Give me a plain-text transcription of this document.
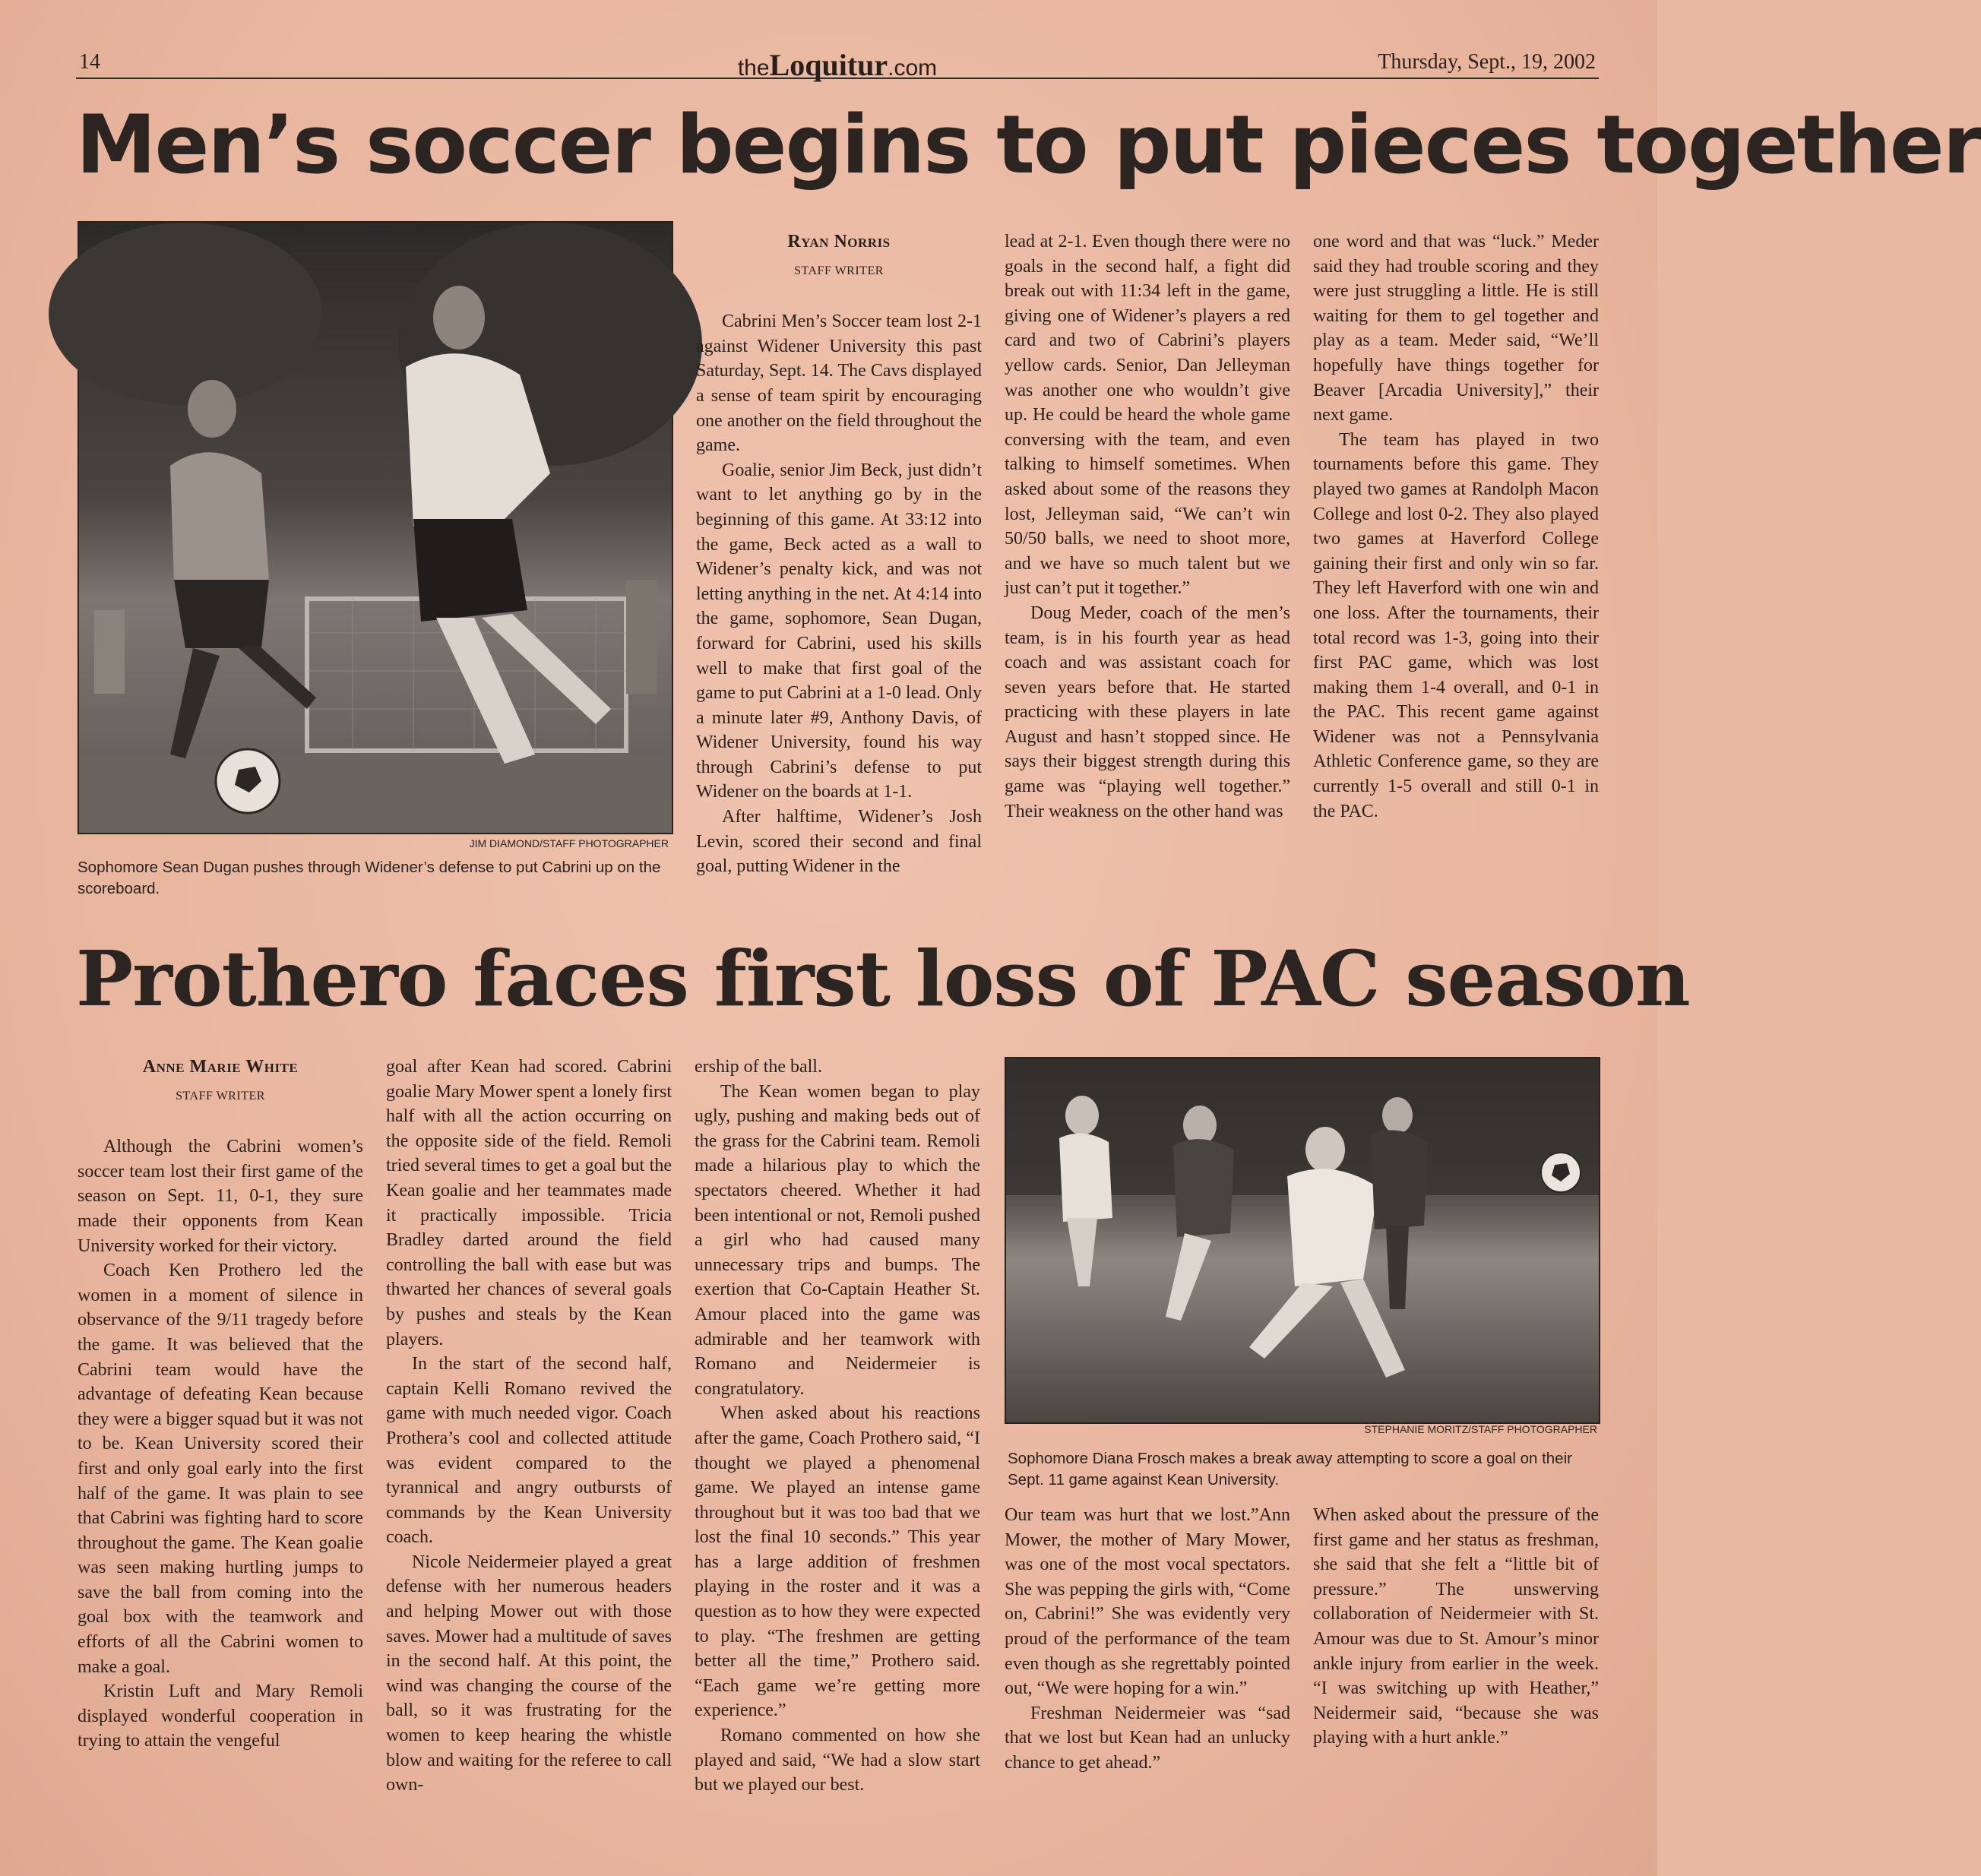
14	theLoquitur.com	Thursday, Sept., 19, 2002
Men’s soccer begins to put pieces together
JIM DIAMOND/STAFF PHOTOGRAPHER
Sophomore Sean Dugan pushes through Widener’s defense to put Cabrini up on the scoreboard.
Ryan Norris
STAFF WRITER

Cabrini Men’s Soccer team lost 2-1 against Widener University this past Saturday, Sept. 14. The Cavs displayed a sense of team spirit by encouraging one another on the field throughout the game.

Goalie, senior Jim Beck, just didn’t want to let anything go by in the beginning of this game. At 33:12 into the game, Beck acted as a wall to Widener’s penalty kick, and was not letting anything in the net. At 4:14 into the game, sophomore, Sean Dugan, forward for Cabrini, used his skills well to make that first goal of the game to put Cabrini at a 1-0 lead. Only a minute later #9, Anthony Davis, of Widener University, found his way through Cabrini’s defense to put Widener on the boards at 1-1.

After halftime, Widener’s Josh Levin, scored their second and final goal, putting Widener in the

lead at 2-1. Even though there were no goals in the second half, a fight did break out with 11:34 left in the game, giving one of Widener’s players a red card and two of Cabrini’s players yellow cards. Senior, Dan Jelleyman was another one who wouldn’t give up. He could be heard the whole game conversing with the team, and even talking to himself sometimes. When asked about some of the reasons they lost, Jelleyman said, “We can’t win 50/50 balls, we need to shoot more, and we have so much talent but we just can’t put it together.”

Doug Meder, coach of the men’s team, is in his fourth year as head coach and was assistant coach for seven years before that. He started practicing with these players in late August and hasn’t stopped since. He says their biggest strength during this game was “playing well together.” Their weakness on the other hand was

one word and that was “luck.” Meder said they had trouble scoring and they were just struggling a little. He is still waiting for them to gel together and play as a team. Meder said, “We’ll hopefully have things together for Beaver [Arcadia University],” their next game.

The team has played in two tournaments before this game. They played two games at Randolph Macon College and lost 0-2. They also played two games at Haverford College gaining their first and only win so far. They left Haverford with one win and one loss. After the tournaments, their total record was 1-3, going into their first PAC game, which was lost making them 1-4 overall, and 0-1 in the PAC. This recent game against Widener was not a Pennsylvania Athletic Conference game, so they are currently 1-5 overall and still 0-1 in the PAC.

Prothero faces first loss of PAC season
Anne Marie White
STAFF WRITER

Although the Cabrini women’s soccer team lost their first game of the season on Sept. 11, 0-1, they sure made their opponents from Kean University worked for their victory.

Coach Ken Prothero led the women in a moment of silence in observance of the 9/11 tragedy before the game. It was believed that the Cabrini team would have the advantage of defeating Kean because they were a bigger squad but it was not to be. Kean University scored their first and only goal early into the first half of the game. It was plain to see that Cabrini was fighting hard to score throughout the game. The Kean goalie was seen making hurtling jumps to save the ball from coming into the goal box with the teamwork and efforts of all the Cabrini women to make a goal.

Kristin Luft and Mary Remoli displayed wonderful cooperation in trying to attain the vengeful

goal after Kean had scored. Cabrini goalie Mary Mower spent a lonely first half with all the action occurring on the opposite side of the field. Remoli tried several times to get a goal but the Kean goalie and her teammates made it practically impossible. Tricia Bradley darted around the field controlling the ball with ease but was thwarted her chances of several goals by pushes and steals by the Kean players.

In the start of the second half, captain Kelli Romano revived the game with much needed vigor. Coach Prothera’s cool and collected attitude was evident compared to the tyrannical and angry outbursts of commands by the Kean University coach.

Nicole Neidermeier played a great defense with her numerous headers and helping Mower out with those saves. Mower had a multitude of saves in the second half. At this point, the wind was changing the course of the ball, so it was frustrating for the women to keep hearing the whistle blow and waiting for the referee to call own-

ership of the ball.

The Kean women began to play ugly, pushing and making beds out of the grass for the Cabrini team. Remoli made a hilarious play to which the spectators cheered. Whether it had been intentional or not, Remoli pushed a girl who had caused many unnecessary trips and bumps. The exertion that Co-Captain Heather St. Amour placed into the game was admirable and her teamwork with Romano and Neidermeier is congratulatory.

When asked about his reactions after the game, Coach Prothero said, “I thought we played a phenomenal game. We played an intense game throughout but it was too bad that we lost the final 10 seconds.” This year has a large addition of freshmen playing in the roster and it was a question as to how they were expected to play. “The freshmen are getting better all the time,” Prothero said. “Each game we’re getting more experience.”

Romano commented on how she played and said, “We had a slow start but we played our best.

STEPHANIE MORITZ/STAFF PHOTOGRAPHER
Sophomore Diana Frosch makes a break away attempting to score a goal on their Sept. 11 game against Kean University.

Our team was hurt that we lost.”Ann Mower, the mother of Mary Mower, was one of the most vocal spectators. She was pepping the girls with, “Come on, Cabrini!” She was evidently very proud of the performance of the team even though as she regrettably pointed out, “We were hoping for a win.”

Freshman Neidermeier was “sad that we lost but Kean had an unlucky chance to get ahead.”

When asked about the pressure of the first game and her status as freshman, she said that she felt a “little bit of pressure.” The unswerving collaboration of Neidermeier with St. Amour was due to St. Amour’s minor ankle injury from earlier in the week. “I was switching up with Heather,” Neidermeir said, “because she was playing with a hurt ankle.”
